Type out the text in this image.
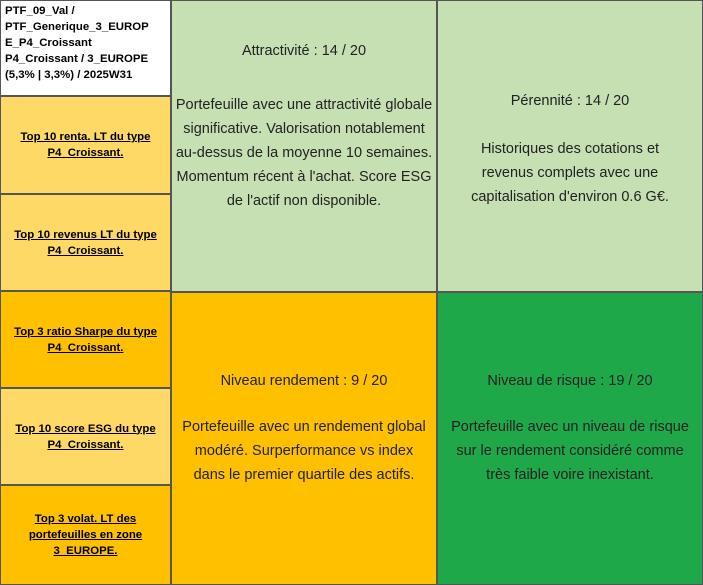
PTF_09_Val /
PTF_Generique_3_EUROP
E_P4_Croissant
P4_Croissant / 3_EUROPE
(5,3% | 3,3%) / 2025W31
Top 10 renta. LT du type P4_Croissant.
Top 10 revenus LT du type P4_Croissant.
Top 3 ratio Sharpe du type P4_Croissant.
Top 10 score ESG du type P4_Croissant.
Top 3 volat. LT des portefeuilles en zone 3_EUROPE.
Attractivité : 14 / 20
Portefeuille avec une attractivité globale significative. Valorisation notablement au-dessus de la moyenne 10 semaines. Momentum récent à l'achat. Score ESG de l'actif non disponible.
Pérennité : 14 / 20
Historiques des cotations et revenus complets avec une capitalisation d'environ 0.6 G€.
Niveau rendement : 9 / 20
Portefeuille avec un rendement global modéré. Surperformance vs index dans le premier quartile des actifs.
Niveau de risque : 19 / 20
Portefeuille avec un niveau de risque sur le rendement considéré comme très faible voire inexistant.
